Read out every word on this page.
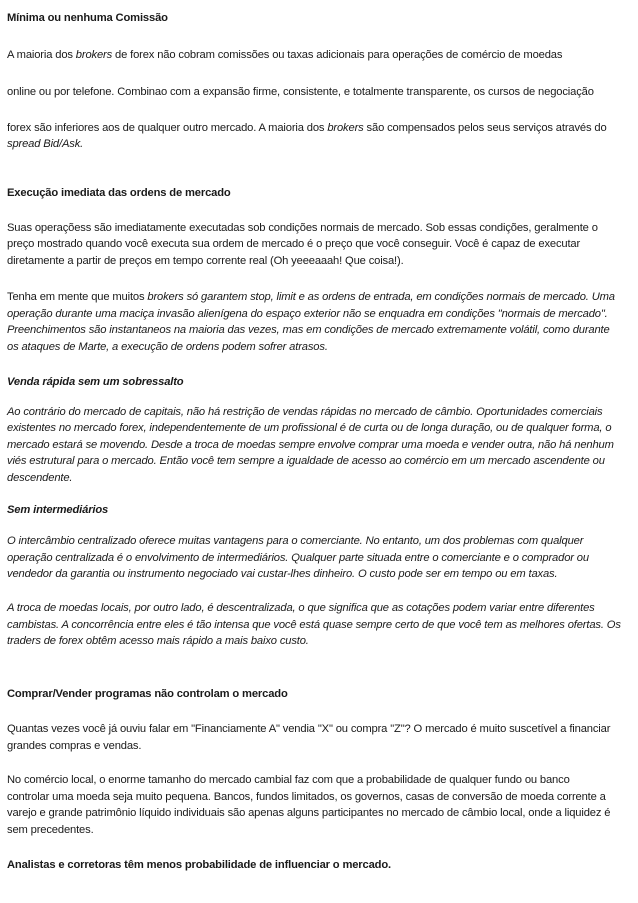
Mínima ou nenhuma Comissão
A maioria dos brokers de forex não cobram comissões ou taxas adicionais para operações de comércio de moedas
online ou por telefone. Combinao com a expansão firme, consistente, e totalmente transparente, os cursos de negociação
forex são inferiores aos de qualquer outro mercado. A maioria dos brokers são compensados pelos seus serviços através do
spread Bid/Ask.
Execução imediata das ordens de mercado
Suas operaçõess são imediatamente executadas sob condições normais de mercado. Sob essas condições, geralmente o
preço mostrado quando você executa sua ordem de mercado é o preço que você conseguir. Você é capaz de executar
diretamente a partir de preços em tempo corrente real (Oh yeeeaaah! Que coisa!).
Tenha em mente que muitos brokers só garantem stop, limit e as ordens de entrada, em condições normais de mercado. Uma
operação durante uma maciça invasão alienígena do espaço exterior não se enquadra em condições "normais de mercado".
Preenchimentos são instantaneos na maioria das vezes, mas em condições de mercado extremamente volátil, como durante
os ataques de Marte, a execução de ordens podem sofrer atrasos.
Venda rápida sem um sobressalto
Ao contrário do mercado de capitais, não há restrição de vendas rápidas no mercado de câmbio. Oportunidades comerciais
existentes no mercado forex, independentemente de um profissional é de curta ou de longa duração, ou de qualquer forma, o
mercado estará se movendo. Desde a troca de moedas sempre envolve comprar uma moeda e vender outra, não há nenhum
viés estrutural para o mercado. Então você tem sempre a igualdade de acesso ao comércio em um mercado ascendente ou
descendente.
Sem intermediários
O intercâmbio centralizado oferece muitas vantagens para o comerciante. No entanto, um dos problemas com qualquer
operação centralizada é o envolvimento de intermediários. Qualquer parte situada entre o comerciante e o comprador ou
vendedor da garantia ou instrumento negociado vai custar-lhes dinheiro. O custo pode ser em tempo ou em taxas.
A troca de moedas locais, por outro lado, é descentralizada, o que significa que as cotações podem variar entre diferentes
cambistas. A concorrência entre eles é tão intensa que você está quase sempre certo de que você tem as melhores ofertas. Os
traders de forex obtêm acesso mais rápido a mais baixo custo.
Comprar/Vender programas não controlam o mercado
Quantas vezes você já ouviu falar em "Financiamente A" vendia "X" ou compra "Z"? O mercado é muito suscetível a financiar
grandes compras e vendas.
No comércio local, o enorme tamanho do mercado cambial faz com que a probabilidade de qualquer fundo ou banco
controlar uma moeda seja muito pequena. Bancos, fundos limitados, os governos, casas de conversão de moeda corrente a
varejo e grande patrimônio líquido individuais são apenas alguns participantes no mercado de câmbio local, onde a liquidez é
sem precedentes.
Analistas e corretoras têm menos probabilidade de influenciar o mercado.
